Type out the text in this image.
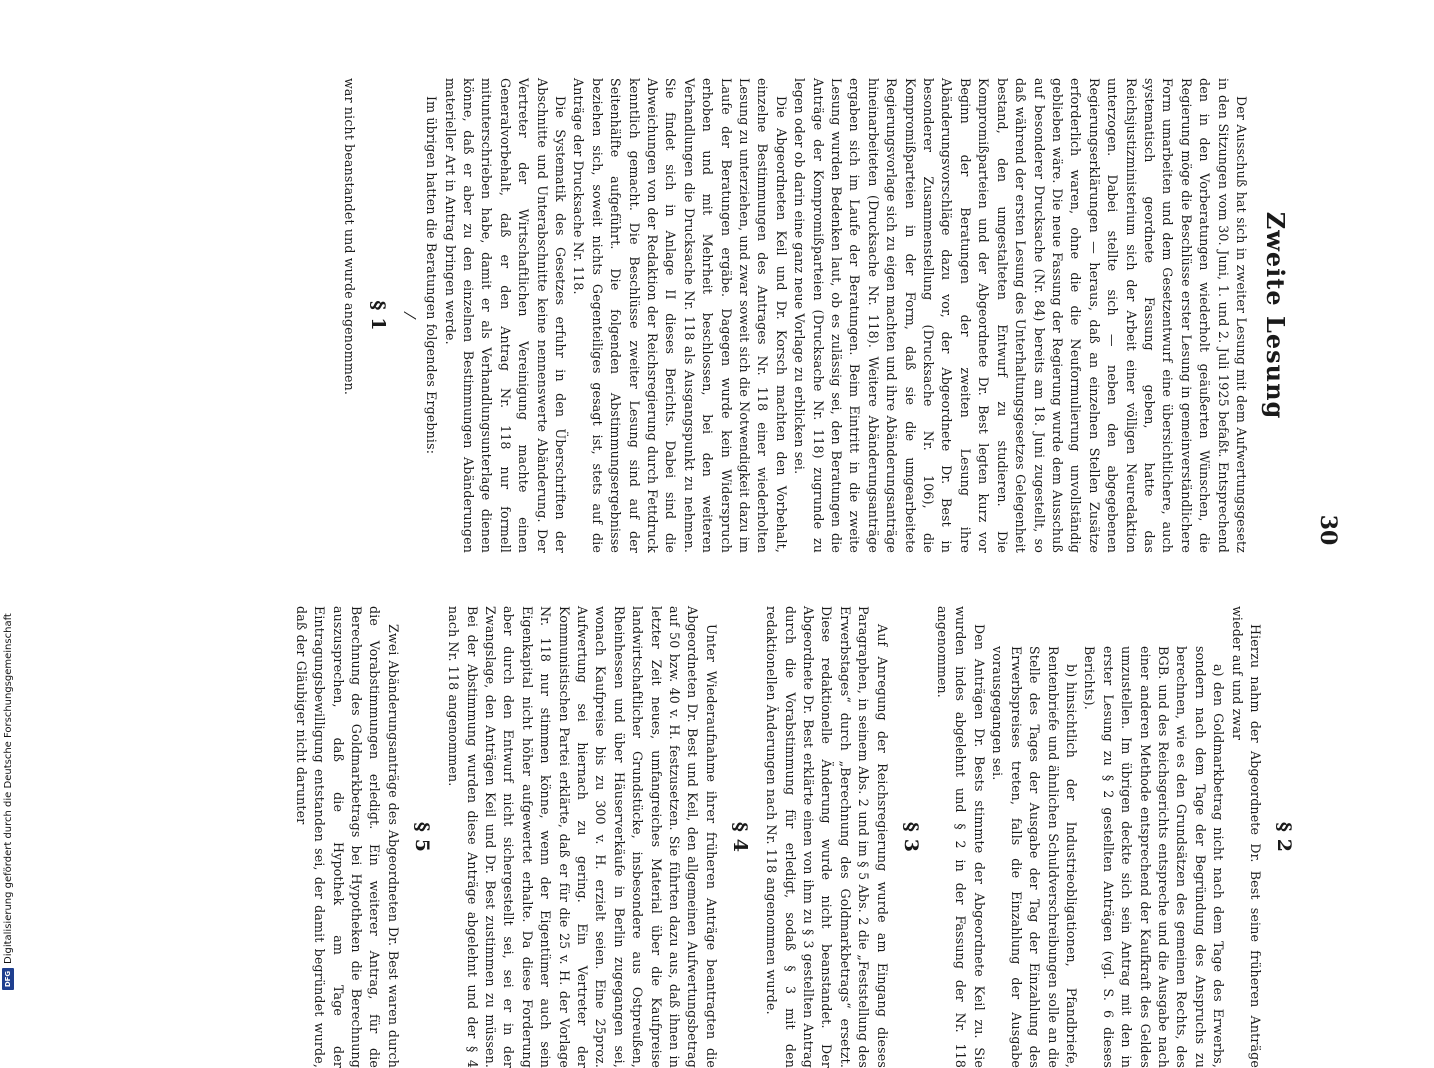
30
Zweite Lesung

Der Ausschuß hat sich in zweiter Lesung mit dem Aufwertungsgesetz in den Sitzungen vom 30. Juni, 1. und 2. Juli 1925 befaßt. Entsprechend den in den Vorberatungen wiederholt geäußerten Wünschen, die Regierung möge die Beschlüsse erster Lesung in gemeinverständlichere Form umarbeiten und dem Gesetzentwurf eine übersichtlichere, auch systematisch geordnete Fassung geben, hatte das Reichsjustizministerium sich der Arbeit einer völligen Neuredaktion unterzogen. Dabei stellte sich — neben den abgegebenen Regierungserklärungen — heraus, daß an einzelnen Stellen Zusätze erforderlich waren, ohne die die Neuformulierung unvollständig geblieben wäre. Die neue Fassung der Regierung wurde dem Ausschuß auf besonderer Drucksache (Nr. 84) bereits am 18. Juni zugestellt, so daß während der ersten Lesung des Unterhaltungsgesetzes Gelegenheit bestand, den umgestalteten Entwurf zu studieren. Die Kompromißparteien und der Abgeordnete Dr. Best legten kurz vor Beginn der Beratungen der zweiten Lesung ihre Abänderungsvorschläge dazu vor, der Abgeordnete Dr. Best in besonderer Zusammenstellung (Drucksache Nr. 106), die Kompromißparteien in der Form, daß sie die umgearbeitete Regierungsvorlage sich zu eigen machten und ihre Abänderungsanträge hineinarbeiteten (Drucksache Nr. 118). Weitere Abänderungsanträge ergaben sich im Laufe der Beratungen. Beim Eintritt in die zweite Lesung wurden Bedenken laut, ob es zulässig sei, den Beratungen die Anträge der Kompromißparteien (Drucksache Nr. 118) zugrunde zu legen oder ob darin eine ganz neue Vorlage zu erblicken sei.

Die Abgeordneten Keil und Dr. Korsch machten den Vorbehalt, einzelne Bestimmungen des Antrages Nr. 118 einer wiederholten Lesung zu unterziehen, und zwar soweit sich die Notwendigkeit dazu im Laufe der Beratungen ergäbe. Dagegen wurde kein Widerspruch erhoben und mit Mehrheit beschlossen, bei den weiteren Verhandlungen die Drucksache Nr. 118 als Ausgangspunkt zu nehmen. Sie findet sich in Anlage II dieses Berichts. Dabei sind die Abweichungen von der Redaktion der Reichsregierung durch Fettdruck kenntlich gemacht. Die Beschlüsse zweiter Lesung sind auf der Seitenhälfte aufgeführt. Die folgenden Abstimmungsergebnisse beziehen sich, soweit nichts Gegenteiliges gesagt ist, stets auf die Anträge der Drucksache Nr. 118.

Die Systematik des Gesetzes erfuhr in den Überschriften der Abschnitte und Unterabschnitte keine nennenswerte Abänderung. Der Vertreter der Wirtschaftlichen Vereinigung machte einen Generalvorbehalt, daß er den Antrag Nr. 118 nur formell mitunterschrieben habe, damit er als Verhandlungsunterlage dienen könne, daß er aber zu den einzelnen Bestimmungen Abänderungen materieller Art in Antrag bringen werde.

Im übrigen hatten die Beratungen folgendes Ergebnis:

⁄
§ 1

war nicht beanstandet und wurde angenommen.

§ 2

Hierzu nahm der Abgeordnete Dr. Best seine früheren Anträge wieder auf und zwar

a)den Goldmarkbetrag nicht nach dem Tage des Erwerbs, sondern nach dem Tage der Begründung des Anspruchs zu berechnen, wie es den Grundsätzen des gemeinen Rechts, des BGB. und des Reichsgerichts entspreche und die Ausgabe nach einer anderen Methode entsprechend der Kaufkraft des Geldes umzustellen. Im übrigen deckte sich sein Antrag mit den in erster Lesung zu § 2 gestellten Anträgen (vgl. S. 6 dieses Berichts).

b)hinsichtlich der Industrieobligationen, Pfandbriefe, Rentenbriefe und ähnlichen Schuldverschreibungen solle an die Stelle des Tages der Ausgabe der Tag der Einzahlung des Erwerbspreises treten, falls die Einzahlung der Ausgabe vorausgegangen sei.

Den Anträgen Dr. Bests stimmte der Abgeordnete Keil zu. Sie wurden indes abgelehnt und § 2 in der Fassung der Nr. 118 angenommen.

§ 3

Auf Anregung der Reichsregierung wurde am Eingang dieses Paragraphen, in seinem Abs. 2 und im § 5 Abs. 2 die „Feststellung des Erwerbstages“ durch „Berechnung des Goldmarkbetrags“ ersetzt. Diese redaktionelle Änderung wurde nicht beanstandet. Der Abgeordnete Dr. Best erklärte einen von ihm zu § 3 gestellten Antrag durch die Vorabstimmung für erledigt, sodaß § 3 mit den redaktionellen Änderungen nach Nr. 118 angenommen wurde.

§ 4

Unter Wiederaufnahme ihrer früheren Anträge beantragten die Abgeordneten Dr. Best und Keil, den allgemeinen Aufwertungsbetrag auf 50 bzw. 40 v. H. festzusetzen. Sie führten dazu aus, daß ihnen in letzter Zeit neues, umfangreiches Material über die Kaufpreise landwirtschaftlicher Grundstücke, insbesondere aus Ostpreußen, Rheinhessen und über Häuserverkäufe in Berlin zugegangen sei, wonach Kaufpreise bis zu 300 v. H. erzielt seien. Eine 25proz. Aufwertung sei hiernach zu gering. Ein Vertreter der Kommunistischen Partei erklärte, daß er für die 25 v. H. der Vorlage Nr. 118 nur stimmen könne, wenn der Eigentümer auch sein Eigenkapital nicht höher aufgewertet erhalte. Da diese Forderung aber durch den Entwurf nicht sichergestellt sei, sei er in der Zwangslage, den Anträgen Keil und Dr. Best zustimmen zu müssen. Bei der Abstimmung wurden diese Anträge abgelehnt und der § 4 nach Nr. 118 angenommen.

§ 5

Zwei Abänderungsanträge des Abgeordneten Dr. Best waren durch die Vorabstimmungen erledigt. Ein weiterer Antrag, für die Berechnung des Goldmarkbetrags bei Hypotheken die Berechnung auszusprechen, daß die Hypothek am Tage der Eintragungsbewilligung entstanden sei, der damit begründet wurde, daß der Gläubiger nicht darunter

DFGDigitalisierung gefördert durch die Deutsche Forschungsgemeinschaft
